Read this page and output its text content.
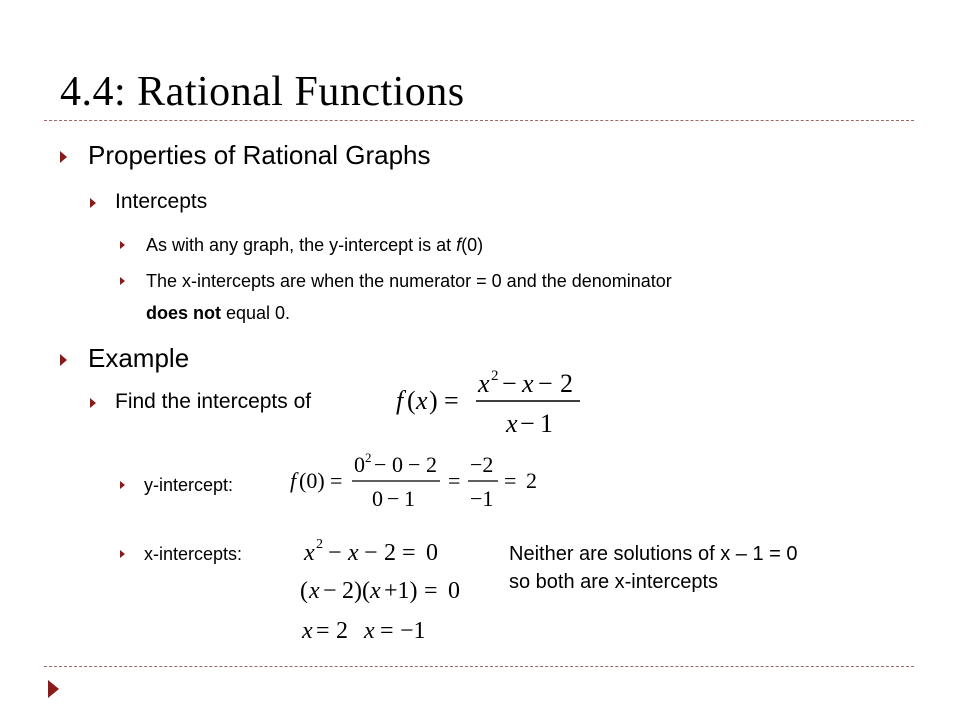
4.4: Rational Functions
Properties of Rational Graphs
Intercepts
As with any graph, the y-intercept is at f(0)
The x-intercepts are when the numerator = 0 and the denominator
does not equal 0.
Example
Find the intercepts of	f ( x ) =
x 2 − x − 2
x − 1
y-intercept:	f (0) =
0 2 − 0 − 2
0 − 1
=
−2
−1
= 2
x-intercepts:	x 2 − x − 2 = 0
( x − 2)( x +1) = 0
x = 2 x = −1
Neither are solutions of x – 1 = 0
so both are x-intercepts
